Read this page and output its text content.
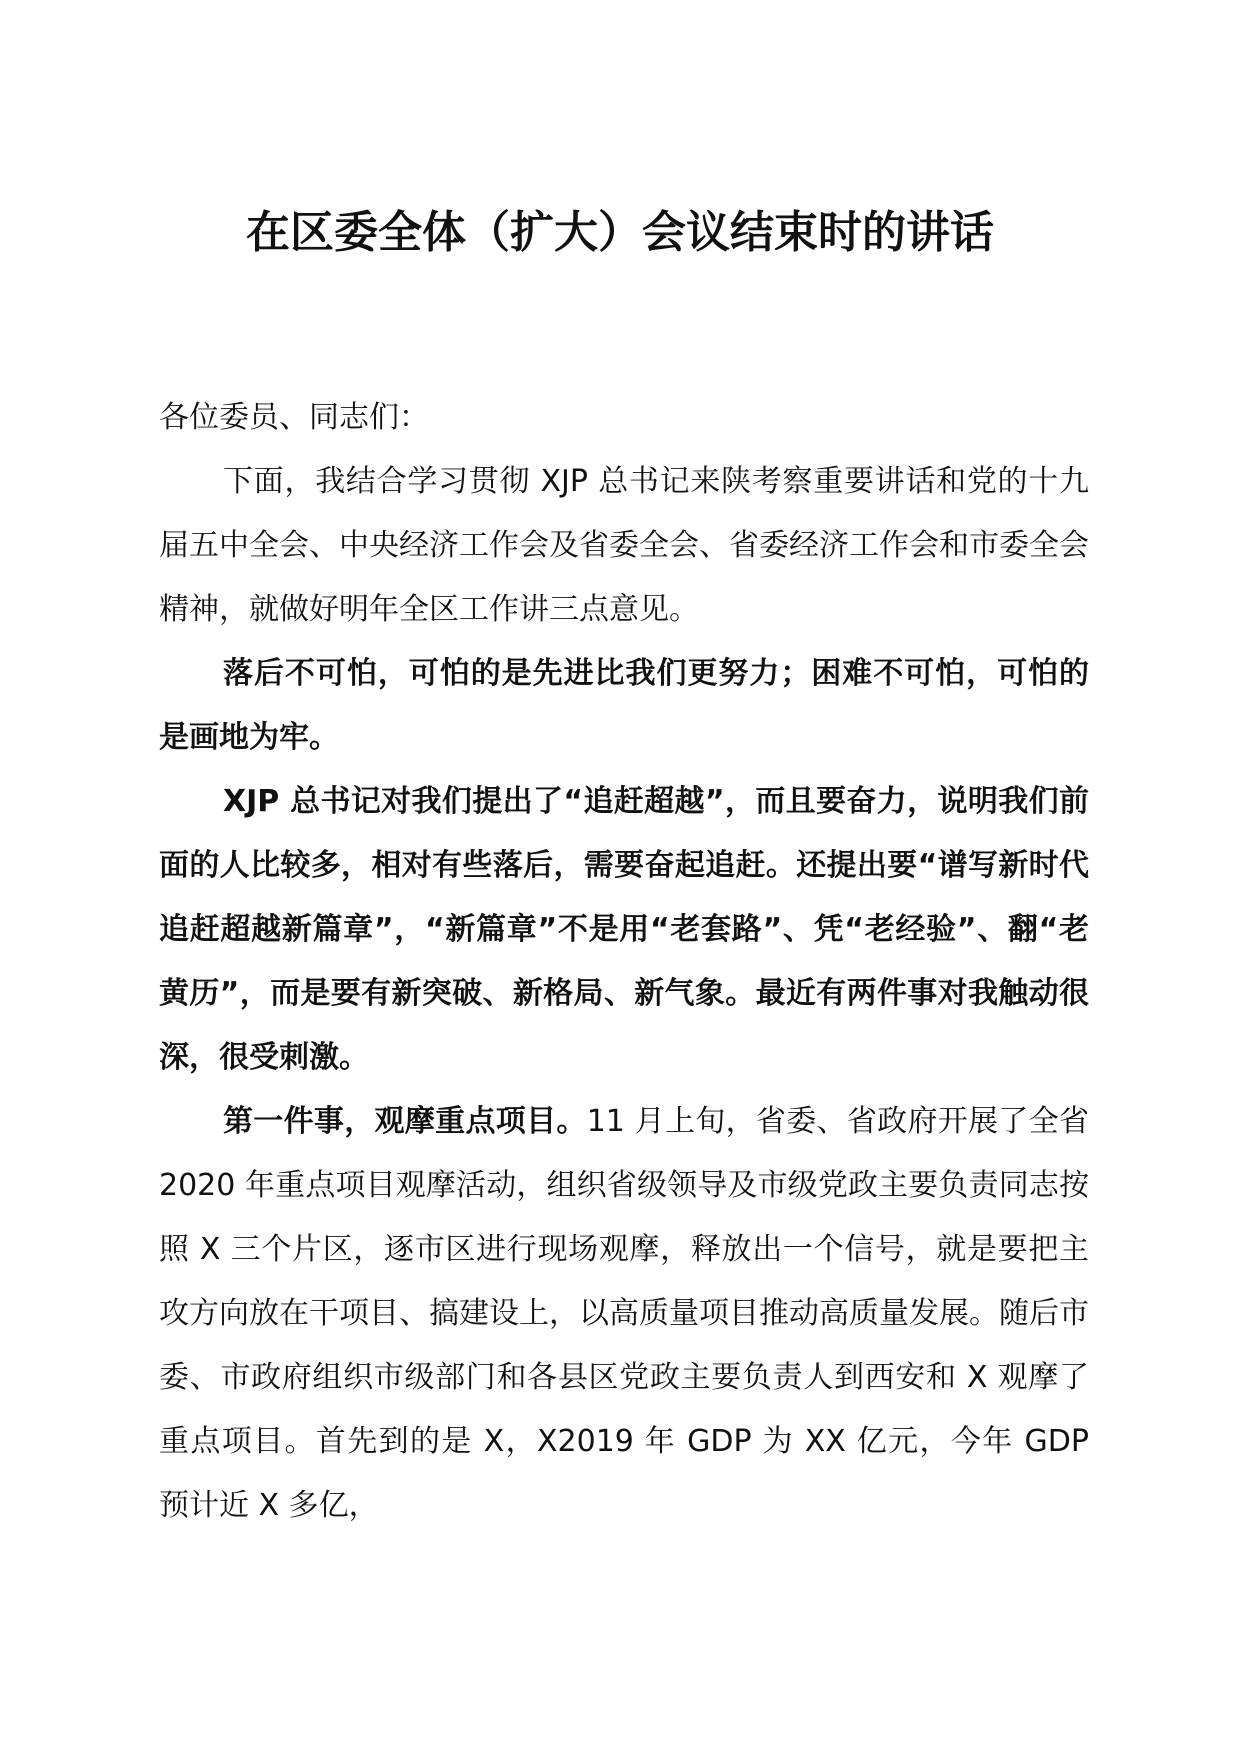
在区委全体（扩大）会议结束时的讲话

各位委员、同志们：

下面，我结合学习贯彻 XJP 总书记来陕考察重要讲话和党的十九届五中全会、中央经济工作会及省委全会、省委经济工作会和市委全会精神，就做好明年全区工作讲三点意见。

落后不可怕，可怕的是先进比我们更努力；困难不可怕，可怕的是画地为牢。

XJP 总书记对我们提出了“追赶超越”，而且要奋力，说明我们前面的人比较多，相对有些落后，需要奋起追赶。还提出要“谱写新时代追赶超越新篇章”，“新篇章”不是用“老套路”、凭“老经验”、翻“老黄历”，而是要有新突破、新格局、新气象。最近有两件事对我触动很深，很受刺激。

第一件事，观摩重点项目。11 月上旬，省委、省政府开展了全省 2020 年重点项目观摩活动，组织省级领导及市级党政主要负责同志按照 X 三个片区，逐市区进行现场观摩，释放出一个信号，就是要把主攻方向放在干项目、搞建设上，以高质量项目推动高质量发展。随后市委、市政府组织市级部门和各县区党政主要负责人到西安和 X 观摩了重点项目。首先到的是 X，X2019 年 GDP 为 XX 亿元，今年 GDP 预计近 X 多亿，
